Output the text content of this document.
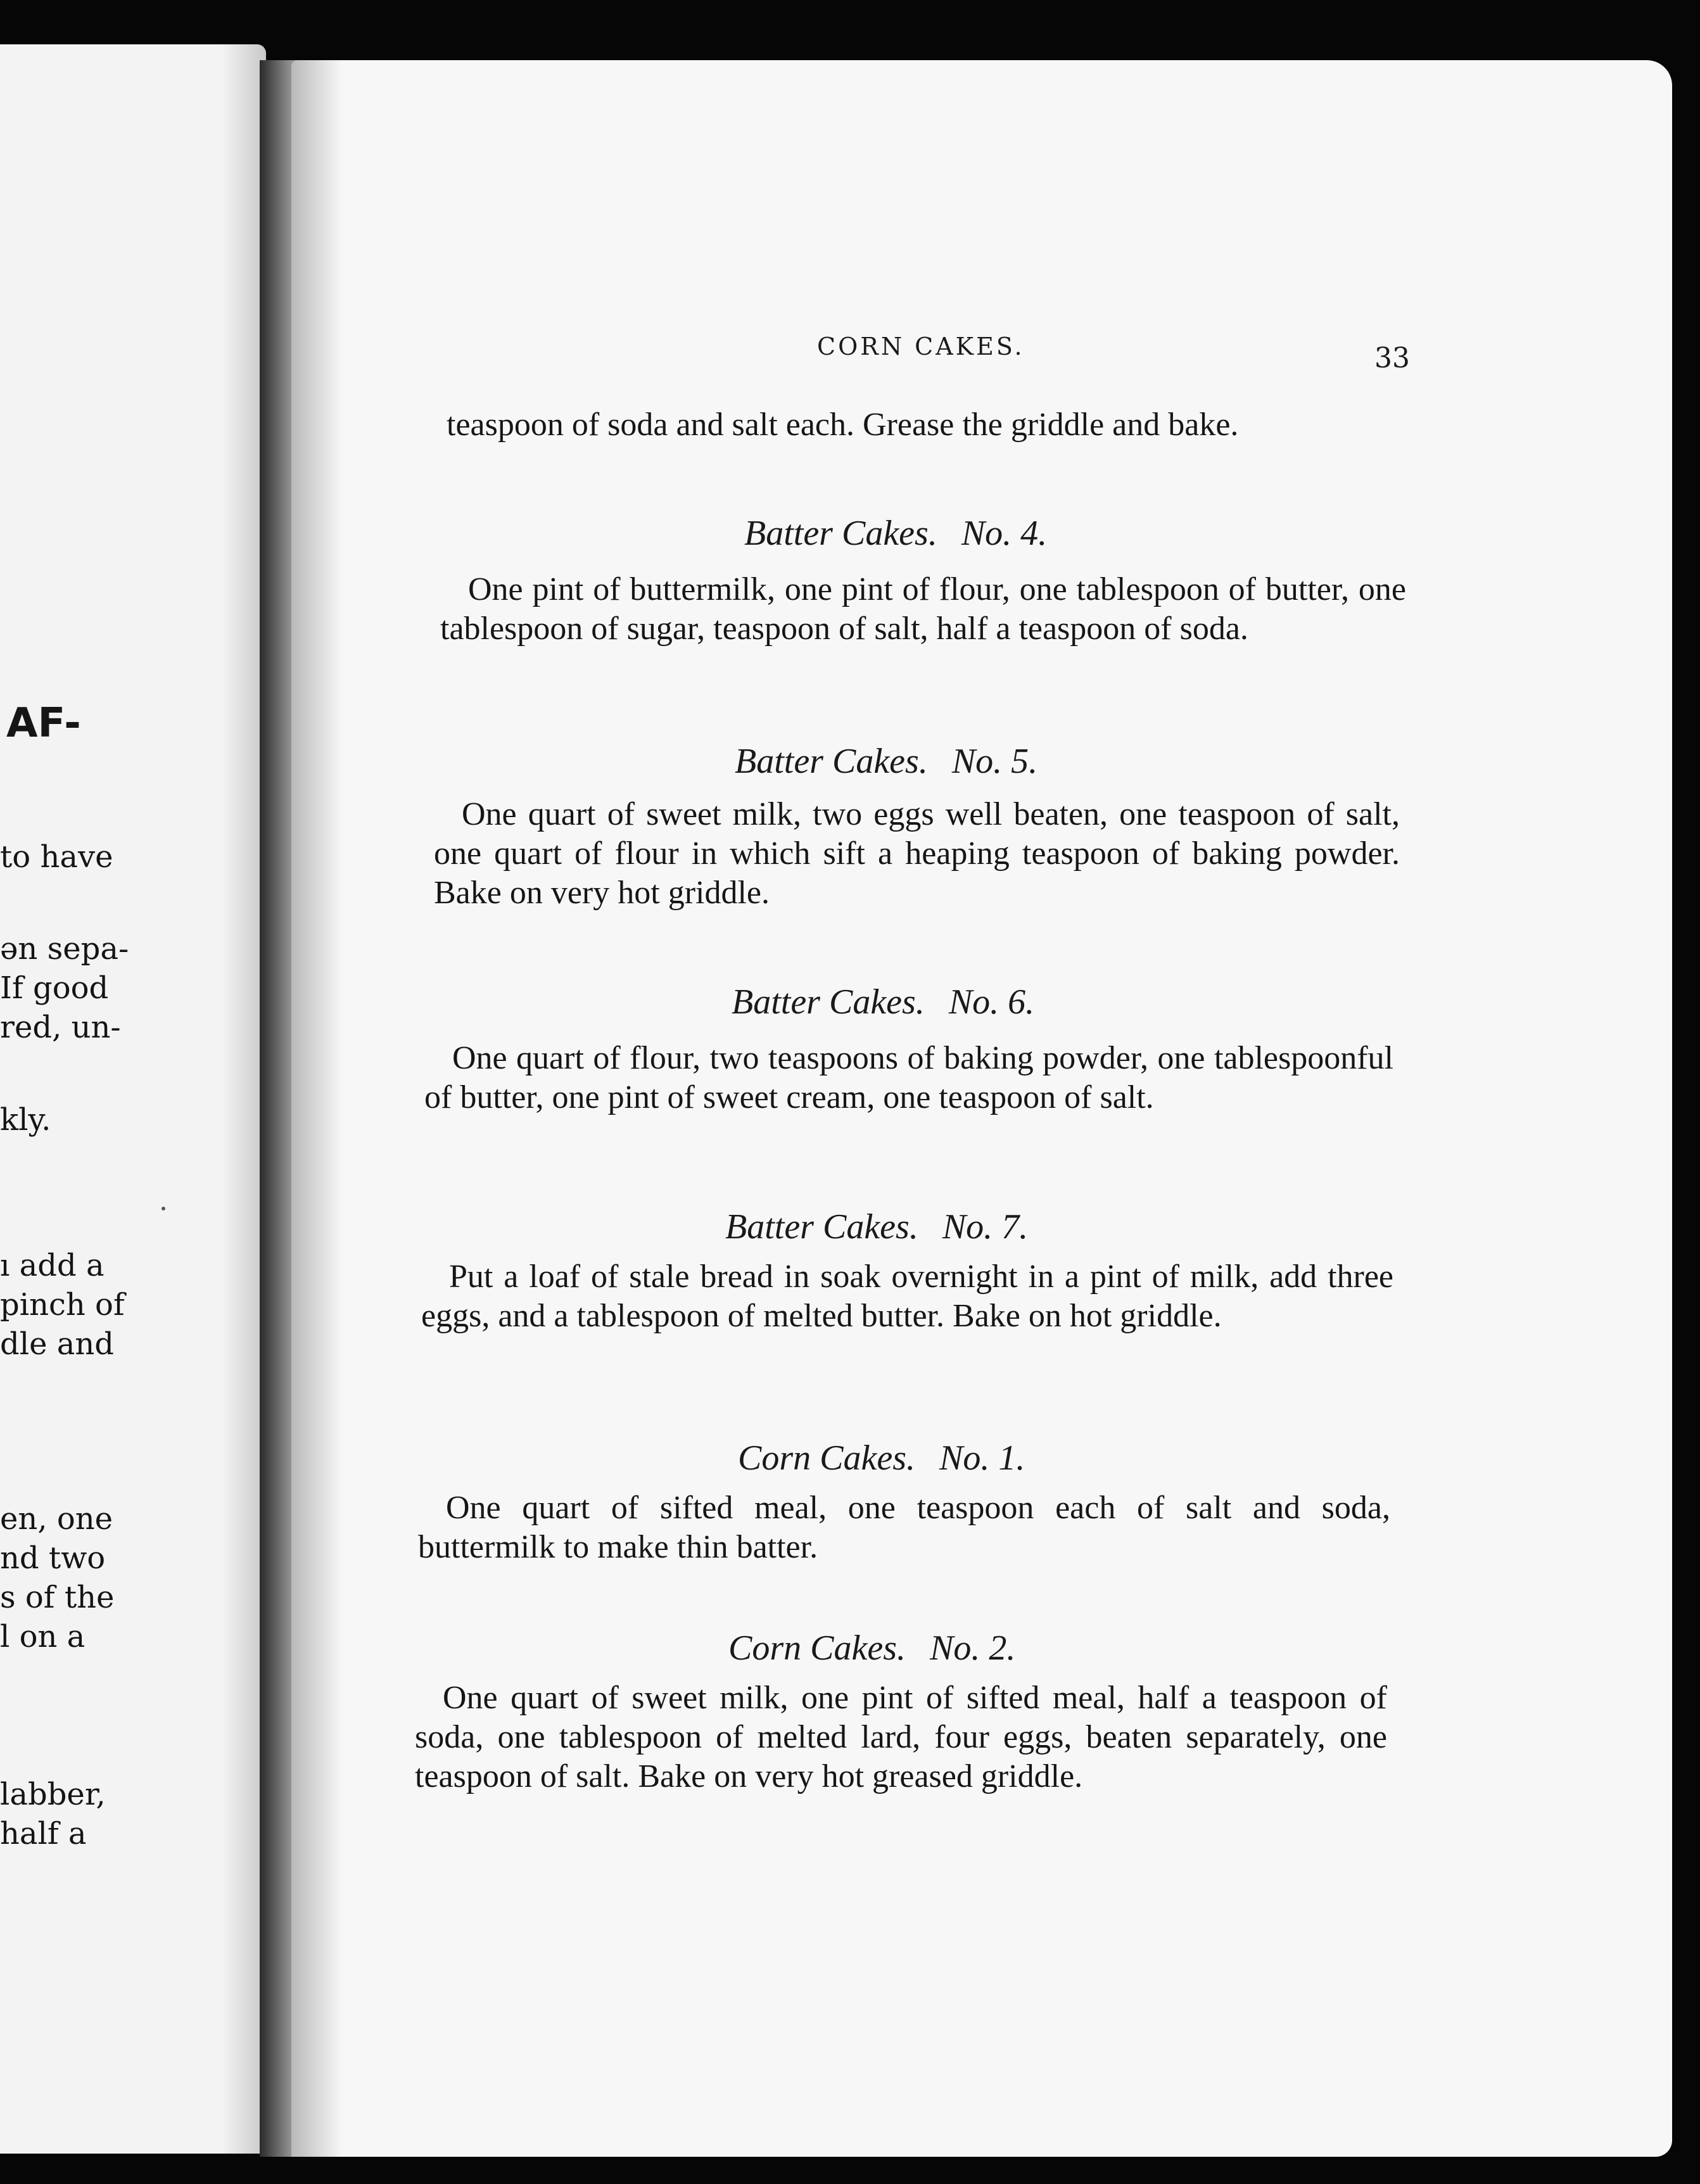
AF-
to have
ən sepa-
If good
red, un-
kly.
ı add a
pinch of
dle and
en, one
nd two
s of the
l on a
labber,
half a
CORN CAKES.	33
teaspoon of soda and salt each. Grease the griddle and bake.
Batter Cakes. No. 4.
One pint of buttermilk, one pint of flour, one tablespoon of butter, one tablespoon of sugar, teaspoon of salt, half a teaspoon of soda.
Batter Cakes. No. 5.
One quart of sweet milk, two eggs well beaten, one teaspoon of salt, one quart of flour in which sift a heaping teaspoon of baking powder. Bake on very hot griddle.
Batter Cakes. No. 6.
One quart of flour, two teaspoons of baking powder, one tablespoonful of butter, one pint of sweet cream, one teaspoon of salt.
Batter Cakes. No. 7.
Put a loaf of stale bread in soak overnight in a pint of milk, add three eggs, and a tablespoon of melted butter. Bake on hot griddle.
Corn Cakes. No. 1.
One quart of sifted meal, one teaspoon each of salt and soda, buttermilk to make thin batter.
Corn Cakes. No. 2.
One quart of sweet milk, one pint of sifted meal, half a teaspoon of soda, one tablespoon of melted lard, four eggs, beaten separately, one teaspoon of salt. Bake on very hot greased griddle.
